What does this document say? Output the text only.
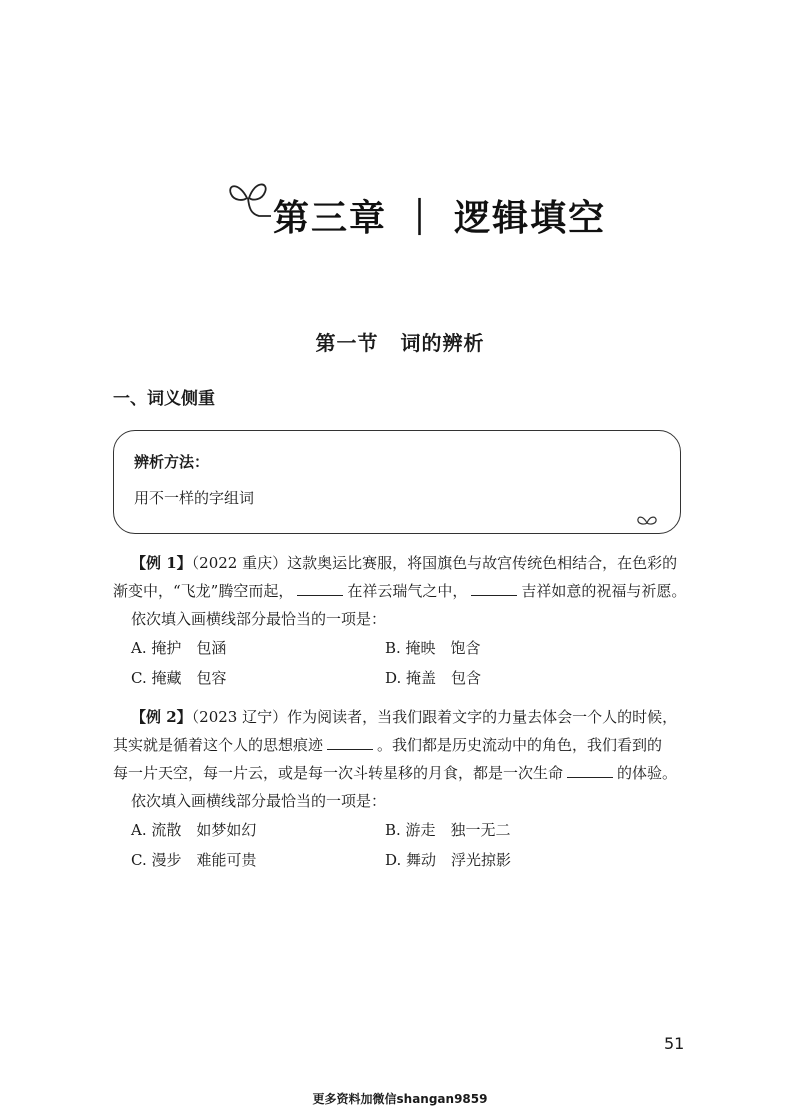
第三章 ｜ 逻辑填空
第一节 词的辨析
一、词义侧重
辨析方法：
用不一样的字组词

【例 1】（2022 重庆）这款奥运比赛服，将国旗色与故宫传统色相结合，在色彩的

渐变中，“飞龙”腾空而起，	在祥云瑞气之中，	吉祥如意的祝福与祈愿。

依次填入画横线部分最恰当的一项是：

A. 掩护　包涵	B. 掩映　饱含
C. 掩藏　包容	D. 掩盖　包含

【例 2】（2023 辽宁）作为阅读者，当我们跟着文字的力量去体会一个人的时候，

其实就是循着这个人的思想痕迹	。我们都是历史流动中的角色，我们看到的

每一片天空，每一片云，或是每一次斗转星移的月食，都是一次生命	的体验。

依次填入画横线部分最恰当的一项是：

A. 流散　如梦如幻	B. 游走　独一无二
C. 漫步　难能可贵	D. 舞动　浮光掠影
51
更多资料加微信shangan9859
